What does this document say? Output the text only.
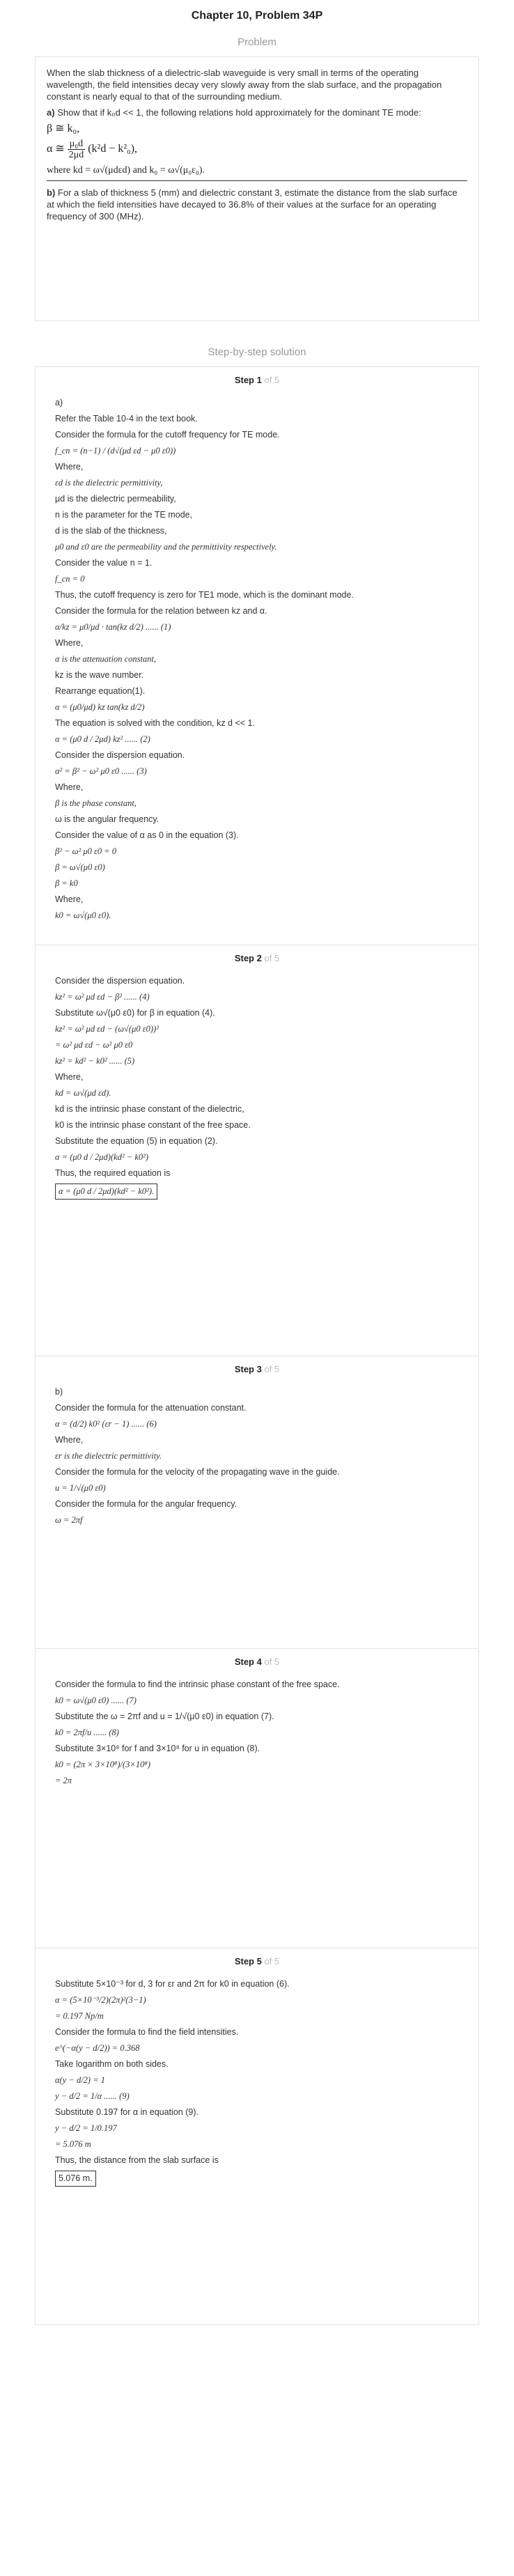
Chapter 10, Problem 34P
Problem

When the slab thickness of a dielectric-slab waveguide is very small in terms of the operating wavelength, the field intensities decay very slowly away from the slab surface, and the propagation constant is nearly equal to that of the surrounding medium.

a) Show that if k₀d << 1, the following relations hold approximately for the dominant TE mode:

β ≅ k₀,
α ≅ $\frac{\text{μ₀d}}{2\mu d} (k^2d - k^2_0)$,
where kd = ω√(μdεd) and k₀ = ω√(μ₀ε₀).

b) For a slab of thickness 5 (mm) and dielectric constant 3, estimate the distance from the slab surface at which the field intensities have decayed to 36.8% of their values at the surface for an operating frequency of 300 (MHz).

Step-by-step solution
Step 1 of 5

a)

Refer the Table 10-4 in the text book.

Consider the formula for the cutoff frequency for TE mode.

f_cn = (n−1) / (d√(μd εd − μ0 ε0))

Where,

εd is the dielectric permittivity,

μd is the dielectric permeability,

n is the parameter for the TE mode,

d is the slab of the thickness,

μ0 and ε0 are the permeability and the permittivity respectively.

Consider the value n = 1.

f_cn = 0

Thus, the cutoff frequency is zero for TE1 mode, which is the dominant mode.

Consider the formula for the relation between kz and α.

α/kz = μ0/μd · tan(kz d/2) ...... (1)

Where,

α is the attenuation constant,

kz is the wave number.

Rearrange equation(1).

α = (μ0/μd) kz tan(kz d/2)

The equation is solved with the condition, kz d << 1.

α = (μ0 d / 2μd) kz² ...... (2)

Consider the dispersion equation.

α² = β² − ω² μ0 ε0 ...... (3)

Where,

β is the phase constant,

ω is the angular frequency.

Consider the value of α as 0 in the equation (3).

β² − ω² μ0 ε0 = 0

β = ω√(μ0 ε0)

β = k0

Where,

k0 = ω√(μ0 ε0).

Step 2 of 5

Consider the dispersion equation.

kz² = ω² μd εd − β² ...... (4)

Substitute ω√(μ0 ε0) for β in equation (4).

kz² = ω² μd εd − (ω√(μ0 ε0))²

= ω² μd εd − ω² μ0 ε0

kz² = kd² − k0² ...... (5)

Where,

kd = ω√(μd εd).

kd is the intrinsic phase constant of the dielectric,

k0 is the intrinsic phase constant of the free space.

Substitute the equation (5) in equation (2).

α = (μ0 d / 2μd)(kd² − k0²)

Thus, the required equation is

α = (μ0 d / 2μd)(kd² − k0²).

Step 3 of 5

b)

Consider the formula for the attenuation constant.

α = (d/2) k0² (εr − 1) ...... (6)

Where,

εr is the dielectric permittivity.

Consider the formula for the velocity of the propagating wave in the guide.

u = 1/√(μ0 ε0)

Consider the formula for the angular frequency.

ω = 2πf

Step 4 of 5

Consider the formula to find the intrinsic phase constant of the free space.

k0 = ω√(μ0 ε0) ...... (7)

Substitute the ω = 2πf and u = 1/√(μ0 ε0) in equation (7).

k0 = 2πf/u ...... (8)

Substitute 3×10⁸ for f and 3×10⁸ for u in equation (8).

k0 = (2π × 3×10⁸)/(3×10⁸)

= 2π

Step 5 of 5

Substitute 5×10⁻³ for d, 3 for εr and 2π for k0 in equation (6).

α = (5×10⁻³/2)(2π)²(3−1)

= 0.197 Np/m

Consider the formula to find the field intensities.

e^(−α(y − d/2)) = 0.368

Take logarithm on both sides.

α(y − d/2) = 1

y − d/2 = 1/α ...... (9)

Substitute 0.197 for α in equation (9).

y − d/2 = 1/0.197

= 5.076 m

Thus, the distance from the slab surface is

5.076 m.
